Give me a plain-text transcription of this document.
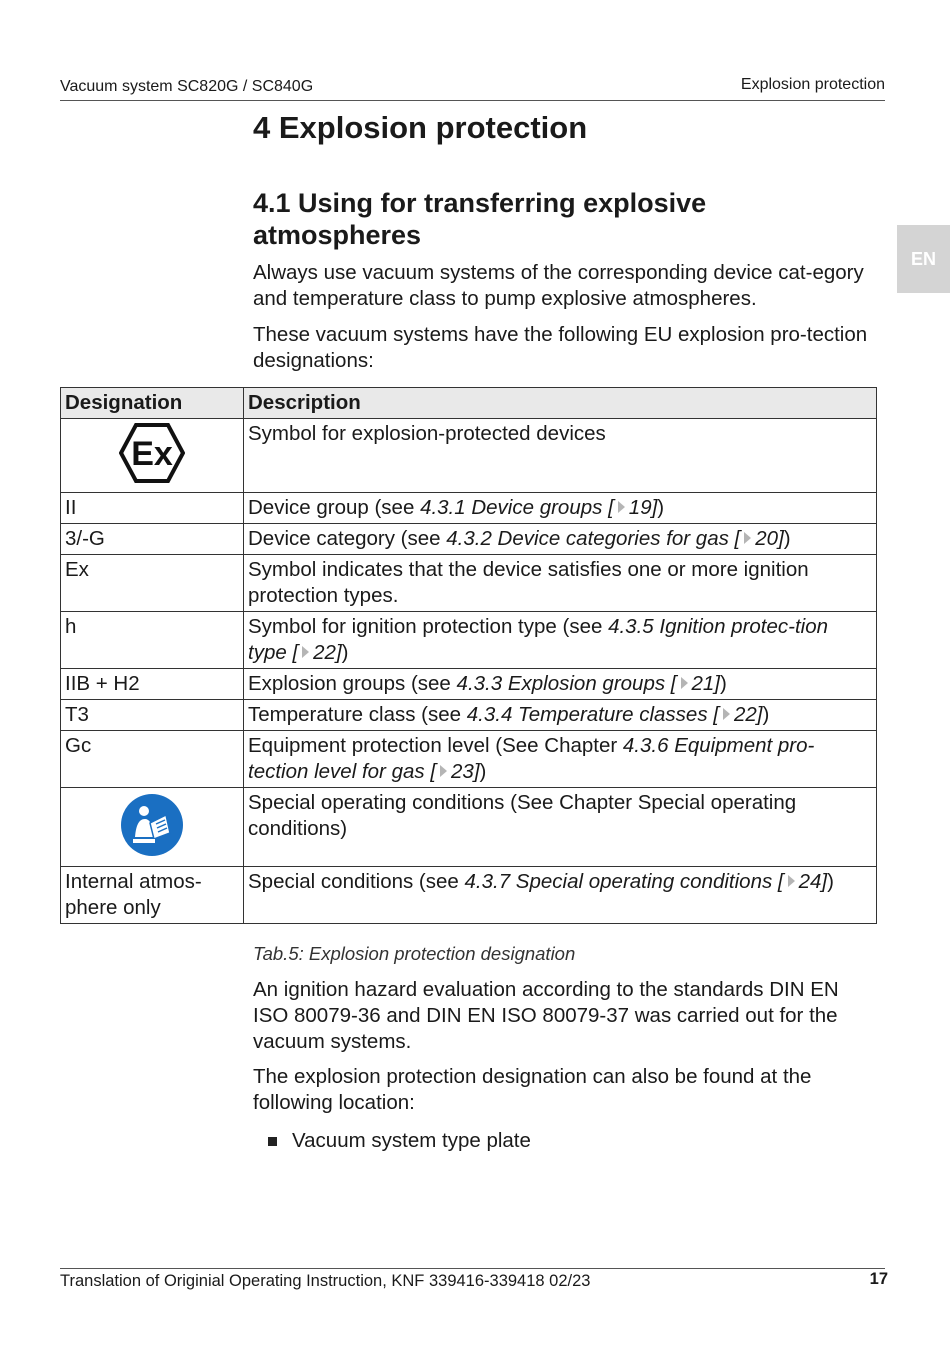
Vacuum system SC820G / SC840G	Explosion protection
EN
4 Explosion protection
4.1 Using for transferring explosive atmospheres

Always use vacuum systems of the corresponding device cat-egory and temperature class to pump explosive atmospheres.

These vacuum systems have the following EU explosion pro-tection designations:

Designation	Description

Ex	Symbol for explosion-protected devices
II	Device group (see 4.3.1 Device groups [ 19])
3/-G	Device category (see 4.3.2 Device categories for gas [ 20])
Ex	Symbol indicates that the device satisfies one or more ignition protection types.
h	Symbol for ignition protection type (see 4.3.5 Ignition protec-tion type [ 22])
IIB + H2	Explosion groups (see 4.3.3 Explosion groups [ 21])
T3	Temperature class (see 4.3.4 Temperature classes [ 22])
Gc	Equipment protection level (See Chapter 4.3.6 Equipment pro-tection level for gas [ 23])
	Special operating conditions (See Chapter Special operating conditions)
Internal atmos-phere only	Special conditions (see 4.3.7 Special operating conditions [ 24])
Tab.5: Explosion protection designation

An ignition hazard evaluation according to the standards DIN EN ISO 80079-36 and DIN EN ISO 80079-37 was carried out for the vacuum systems.

The explosion protection designation can also be found at the following location:

Vacuum system type plate
Translation of Originial Operating Instruction, KNF 339416-339418 02/23	17
